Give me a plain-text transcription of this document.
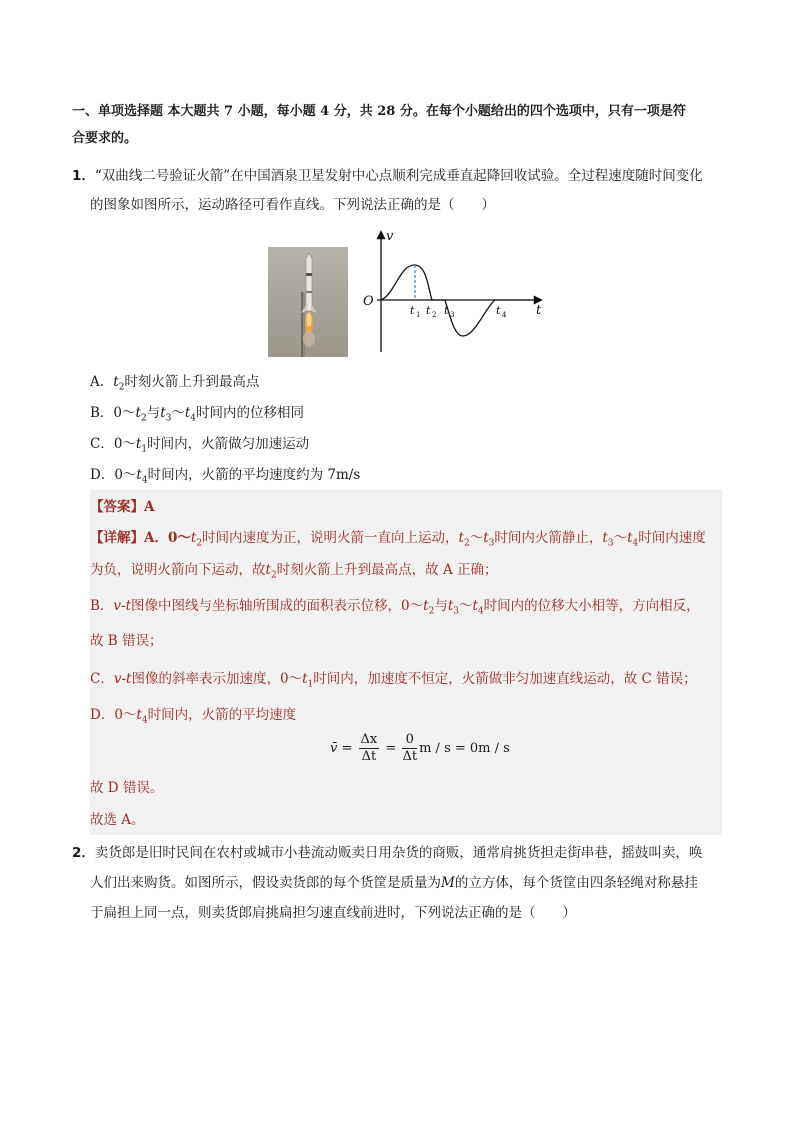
一、单项选择题 本大题共 7 小题，每小题 4 分，共 28 分。在每个小题给出的四个选项中，只有一项是符
合要求的。
1．“双曲线二号验证火箭”在中国酒泉卫星发射中心点顺利完成垂直起降回收试验。全过程速度随时间变化
的图象如图所示，运动路径可看作直线。下列说法正确的是（　　）
v
t
O
t 1 t 2 t 3	t 4
A．$t_2$时刻火箭上升到最高点
B．$0\sim t_2$与$t_3\sim t_4$时间内的位移相同
C．$0\sim t_1$时间内，火箭做匀加速运动
D．$0\sim t_4$时间内，火箭的平均速度约为 7m/s
【答案】A
【详解】A．$0\sim t_2$时间内速度为正，说明火箭一直向上运动，$t_2\sim t_3$时间内火箭静止，$t_3\sim t_4$时间内速度
为负，说明火箭向下运动，故$t_2$时刻火箭上升到最高点，故 A 正确；
B．v-t图像中图线与坐标轴所围成的面积表示位移，$0\sim t_2$与$t_3\sim t_4$时间内的位移大小相等，方向相反，
故 B 错误；
C．v-t图像的斜率表示加速度，$0\sim t_1$时间内，加速度不恒定，火箭做非匀加速直线运动，故 C 错误；
D．$0\sim t_4$时间内，火箭的平均速度
v̄ = $\frac{\Delta x}{\Delta t} = \frac{0}{\Delta t}$ m / s = 0m / s
故 D 错误。
故选 A。
2．卖货郎是旧时民间在农村或城市小巷流动贩卖日用杂货的商贩，通常肩挑货担走街串巷，摇鼓叫卖，唤
人们出来购货。如图所示，假设卖货郎的每个货筐是质量为M的立方体，每个货筐由四条轻绳对称悬挂
于扁担上同一点，则卖货郎肩挑扁担匀速直线前进时，下列说法正确的是（　　）
